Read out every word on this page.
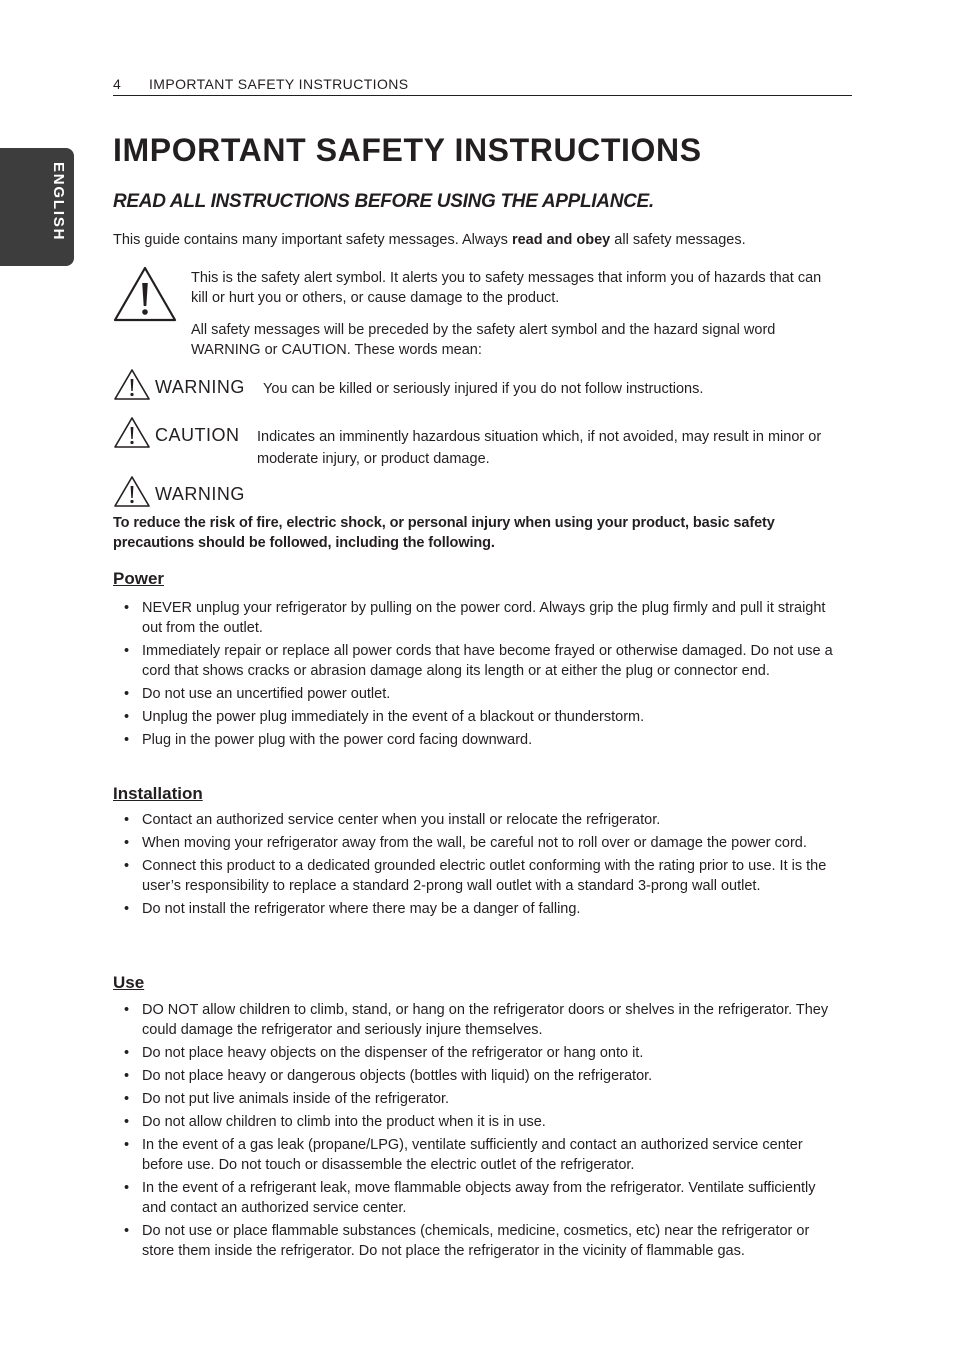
4 IMPORTANT SAFETY INSTRUCTIONS
ENGLISH
IMPORTANT SAFETY INSTRUCTIONS
READ ALL INSTRUCTIONS BEFORE USING THE APPLIANCE.
This guide contains many important safety messages. Always read and obey all safety messages.

This is the safety alert symbol. It alerts you to safety messages that inform you of hazards that can kill or hurt you or others, or cause damage to the product.

All safety messages will be preceded by the safety alert symbol and the hazard signal word WARNING or CAUTION. These words mean:

WARNING You can be killed or seriously injured if you do not follow instructions.
CAUTION Indicates an imminently hazardous situation which, if not avoided, may result in minor or moderate injury, or product damage.
WARNING

To reduce the risk of fire, electric shock, or personal injury when using your product, basic safety precautions should be followed, including the following.

Power
• NEVER unplug your refrigerator by pulling on the power cord. Always grip the plug firmly and pull it straight out from the outlet.
• Immediately repair or replace all power cords that have become frayed or otherwise damaged. Do not use a cord that shows cracks or abrasion damage along its length or at either the plug or connector end.
• Do not use an uncertified power outlet.
• Unplug the power plug immediately in the event of a blackout or thunderstorm.
• Plug in the power plug with the power cord facing downward.
Installation
• Contact an authorized service center when you install or relocate the refrigerator.
• When moving your refrigerator away from the wall, be careful not to roll over or damage the power cord.
• Connect this product to a dedicated grounded electric outlet conforming with the rating prior to use. It is the user’s responsibility to replace a standard 2-prong wall outlet with a standard 3-prong wall outlet.
• Do not install the refrigerator where there may be a danger of falling.
Use
• DO NOT allow children to climb, stand, or hang on the refrigerator doors or shelves in the refrigerator. They could damage the refrigerator and seriously injure themselves.
• Do not place heavy objects on the dispenser of the refrigerator or hang onto it.
• Do not place heavy or dangerous objects (bottles with liquid) on the refrigerator.
• Do not put live animals inside of the refrigerator.
• Do not allow children to climb into the product when it is in use.
• In the event of a gas leak (propane/LPG), ventilate sufficiently and contact an authorized service center before use. Do not touch or disassemble the electric outlet of the refrigerator.
• In the event of a refrigerant leak, move flammable objects away from the refrigerator. Ventilate sufficiently and contact an authorized service center.
• Do not use or place flammable substances (chemicals, medicine, cosmetics, etc) near the refrigerator or store them inside the refrigerator. Do not place the refrigerator in the vicinity of flammable gas.
